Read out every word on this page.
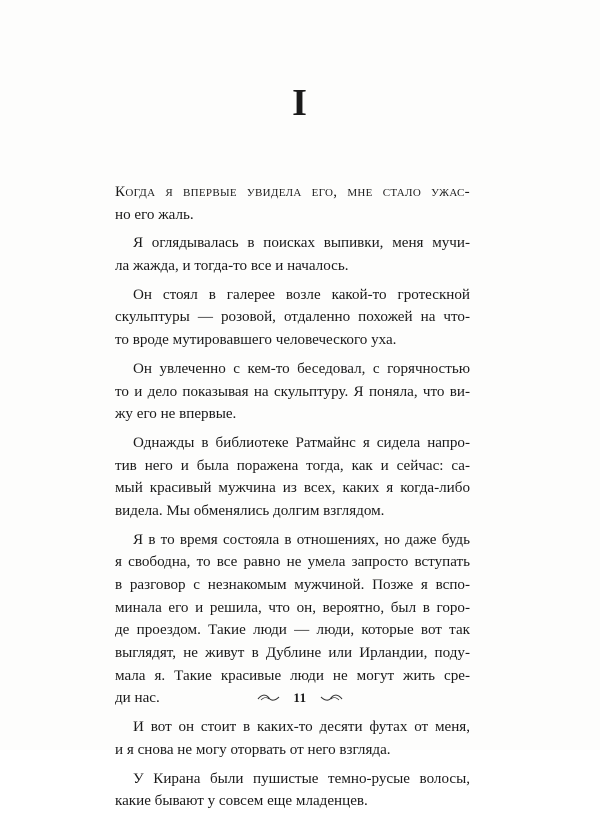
I
Когда я впервые увидела его, мне стало ужас-
но его жаль.
Я оглядывалась в поисках выпивки, меня мучи-
ла жажда, и тогда-то все и началось.
Он стоял в галерее возле какой-то гротескной
скульптуры — розовой, отдаленно похожей на что-
то вроде мутировавшего человеческого уха.
Он увлеченно с кем-то беседовал, с горячностью
то и дело показывая на скульптуру. Я поняла, что ви-
жу его не впервые.
Однажды в библиотеке Ратмайнс я сидела напро-
тив него и была поражена тогда, как и сейчас: са-
мый красивый мужчина из всех, каких я когда-либо
видела. Мы обменялись долгим взглядом.
Я в то время состояла в отношениях, но даже будь
я свободна, то все равно не умела запросто вступать
в разговор с незнакомым мужчиной. Позже я вспо-
минала его и решила, что он, вероятно, был в горо-
де проездом. Такие люди — люди, которые вот так
выглядят, не живут в Дублине или Ирландии, поду-
мала я. Такие красивые люди не могут жить сре-
ди нас.
И вот он стоит в каких-то десяти футах от меня,
и я снова не могу оторвать от него взгляда.
У Кирана были пушистые темно-русые волосы,
какие бывают у совсем еще младенцев.
11
